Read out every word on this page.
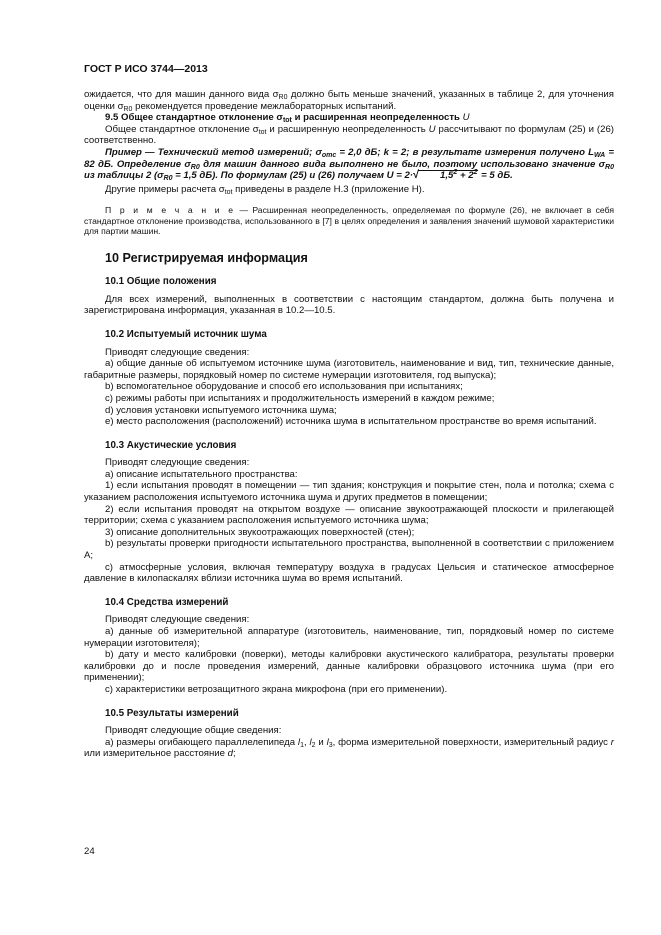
ГОСТ Р ИСО 3744—2013

ожидается, что для машин данного вида $\sigma_{R0}$ должно быть меньше значений, указанных в таблице 2, для уточнения оценки $\sigma_{R0}$ рекомендуется проведение межлабораторных испытаний.

9.5 Общее стандартное отклонение $\sigma_{tot}$ и расширенная неопределенность U

Общее стандартное отклонение $\sigma_{tot}$ и расширенную неопределенность U рассчитывают по формулам (25) и (26) соответственно.

Пример — Технический метод измерений; $\sigma_{omc} = 2,0$ дБ; k = 2; в результате измерения получено $L_{WA} = 82$ дБ. Определение $\sigma_{R0}$ для машин данного вида выполнено не было, поэтому использовано значение $\sigma_{R0}$ из таблицы 2 ($\sigma_{R0} = 1,5$ дБ). По формулам (25) и (26) получаем U = 2·√ $1,5^2 + 2^2 = 5$ дБ.

Другие примеры расчета $\sigma_{tot}$ приведены в разделе Н.3 (приложение Н).

П р и м е ч а н и е — Расширенная неопределенность, определяемая по формуле (26), не включает в себя стандартное отклонение производства, использованного в [7] в целях определения и заявления значений шумовой характеристики для партии машин.

10 Регистрируемая информация
10.1 Общие положения

Для всех измерений, выполненных в соответствии с настоящим стандартом, должна быть получена и зарегистрирована информация, указанная в 10.2—10.5.

10.2 Испытуемый источник шума

Приводят следующие сведения:

a) общие данные об испытуемом источнике шума (изготовитель, наименование и вид, тип, технические данные, габаритные размеры, порядковый номер по системе нумерации изготовителя, год выпуска);

b) вспомогательное оборудование и способ его использования при испытаниях;

c) режимы работы при испытаниях и продолжительность измерений в каждом режиме;

d) условия установки испытуемого источника шума;

e) место расположения (расположений) источника шума в испытательном пространстве во время испытаний.

10.3 Акустические условия

Приводят следующие сведения:

a) описание испытательного пространства:

1) если испытания проводят в помещении — тип здания; конструкция и покрытие стен, пола и потолка; схема с указанием расположения испытуемого источника шума и других предметов в помещении;

2) если испытания проводят на открытом воздухе — описание звукоотражающей плоскости и прилегающей территории; схема с указанием расположения испытуемого источника шума;

3) описание дополнительных звукоотражающих поверхностей (стен);

b) результаты проверки пригодности испытательного пространства, выполненной в соответствии с приложением А;

c) атмосферные условия, включая температуру воздуха в градусах Цельсия и статическое атмосферное давление в килопаскалях вблизи источника шума во время испытаний.

10.4 Средства измерений

Приводят следующие сведения:

a) данные об измерительной аппаратуре (изготовитель, наименование, тип, порядковый номер по системе нумерации изготовителя);

b) дату и место калибровки (поверки), методы калибровки акустического калибратора, результаты проверки калибровки до и после проведения измерений, данные калибровки образцового источника шума (при его применении);

c) характеристики ветрозащитного экрана микрофона (при его применении).

10.5 Результаты измерений

Приводят следующие общие сведения:

a) размеры огибающего параллелепипеда $l_1$, $l_2$ и $l_3$, форма измерительной поверхности, измерительный радиус r или измерительное расстояние d;

24
